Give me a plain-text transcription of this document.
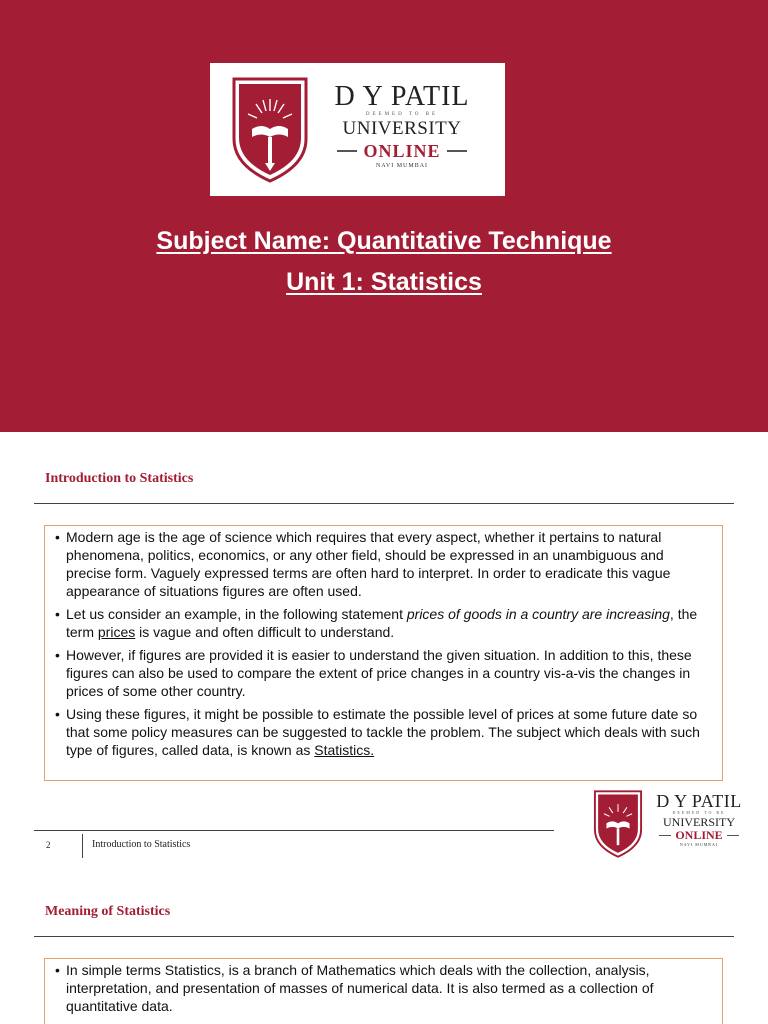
D Y PATIL
DEEMED TO BE
UNIVERSITY
ONLINE
NAVI MUMBAI
Subject Name: Quantitative Technique
Unit 1: Statistics
Introduction to Statistics
• Modern age is the age of science which requires that every aspect, whether it pertains to natural phenomena, politics, economics, or any other field, should be expressed in an unambiguous and precise form. Vaguely expressed terms are often hard to interpret. In order to eradicate this vague appearance of situations figures are often used.
• Let us consider an example, in the following statement prices of goods in a country are increasing, the term prices is vague and often difficult to understand.
• However, if figures are provided it is easier to understand the given situation. In addition to this, these figures can also be used to compare the extent of price changes in a country vis-a-vis the changes in prices of some other country.
• Using these figures, it might be possible to estimate the possible level of prices at some future date so that some policy measures can be suggested to tackle the problem. The subject which deals with such type of figures, called data, is known as Statistics.
D Y PATIL
DEEMED TO BE
UNIVERSITY
ONLINE
NAVI MUMBAI
2	Introduction to Statistics
Meaning of Statistics
• In simple terms Statistics, is a branch of Mathematics which deals with the collection, analysis, interpretation, and presentation of masses of numerical data. It is also termed as a collection of quantitative data.
